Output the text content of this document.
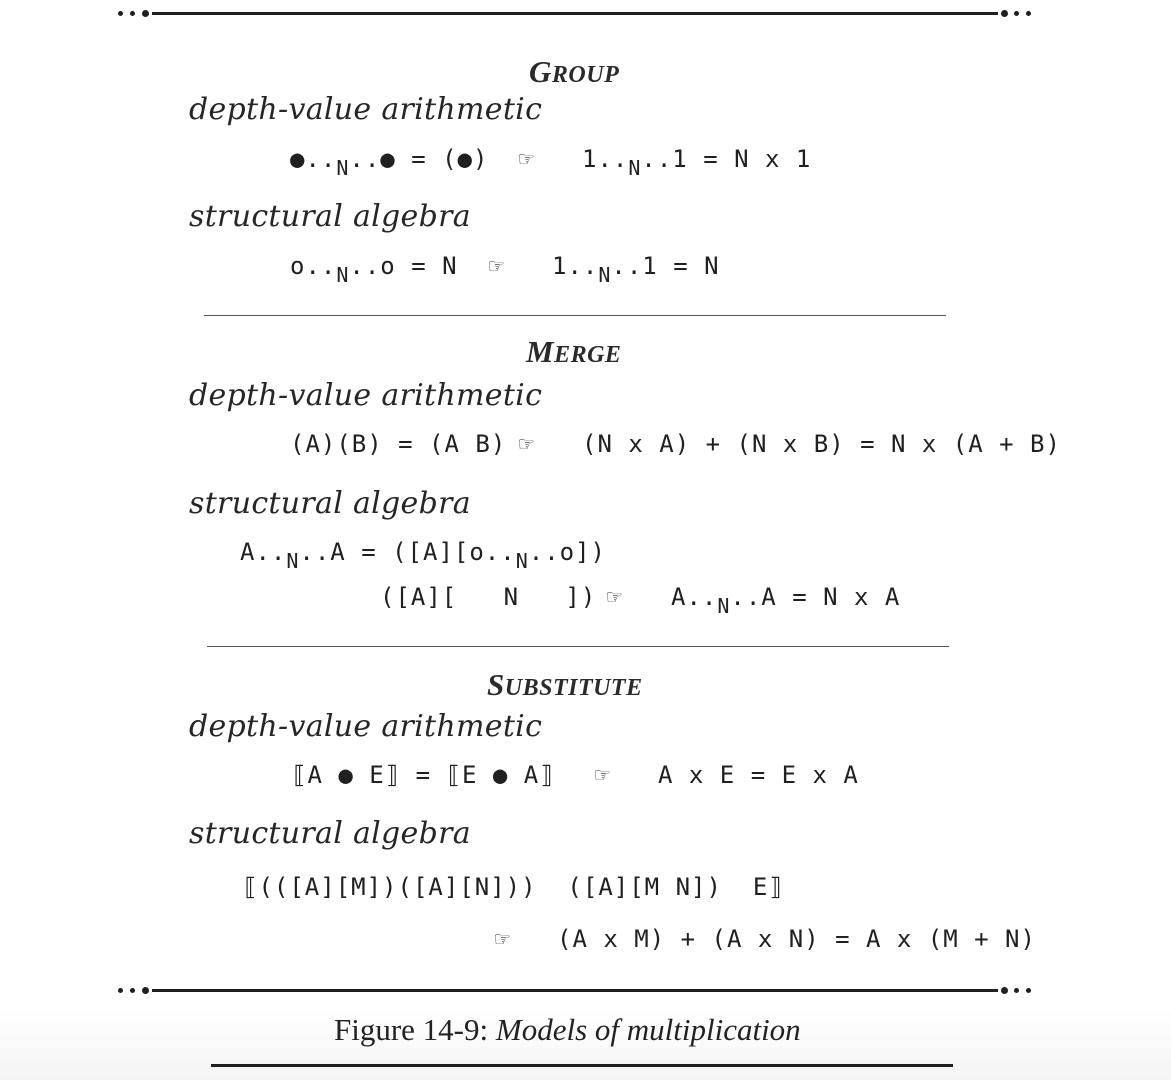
GROUP
depth-value arithmetic
$●.._N..●$ = (●) ☞ $1.._N..1 = N$ x 1
structural algebra
$o.._N..o = N$ ☞ $1.._N..1 = N$
MERGE
depth-value arithmetic
(A)(B) = (A B) ☞ (N x A) + (N x B) = N x (A + B)
structural algebra
$A.._N..A = ([A][o.._N..o])$
([A][   N   ]) ☞ $A.._N..A = N$ x A
SUBSTITUTE
depth-value arithmetic
⟦A ● E⟧ = ⟦E ● A⟧ ☞ A x E = E x A
structural algebra
⟦(([A][M])([A][N]))  ([A][M N])  E⟧
☞ (A x M) + (A x N) = A x (M + N)
Figure 14-9: Models of multiplication
